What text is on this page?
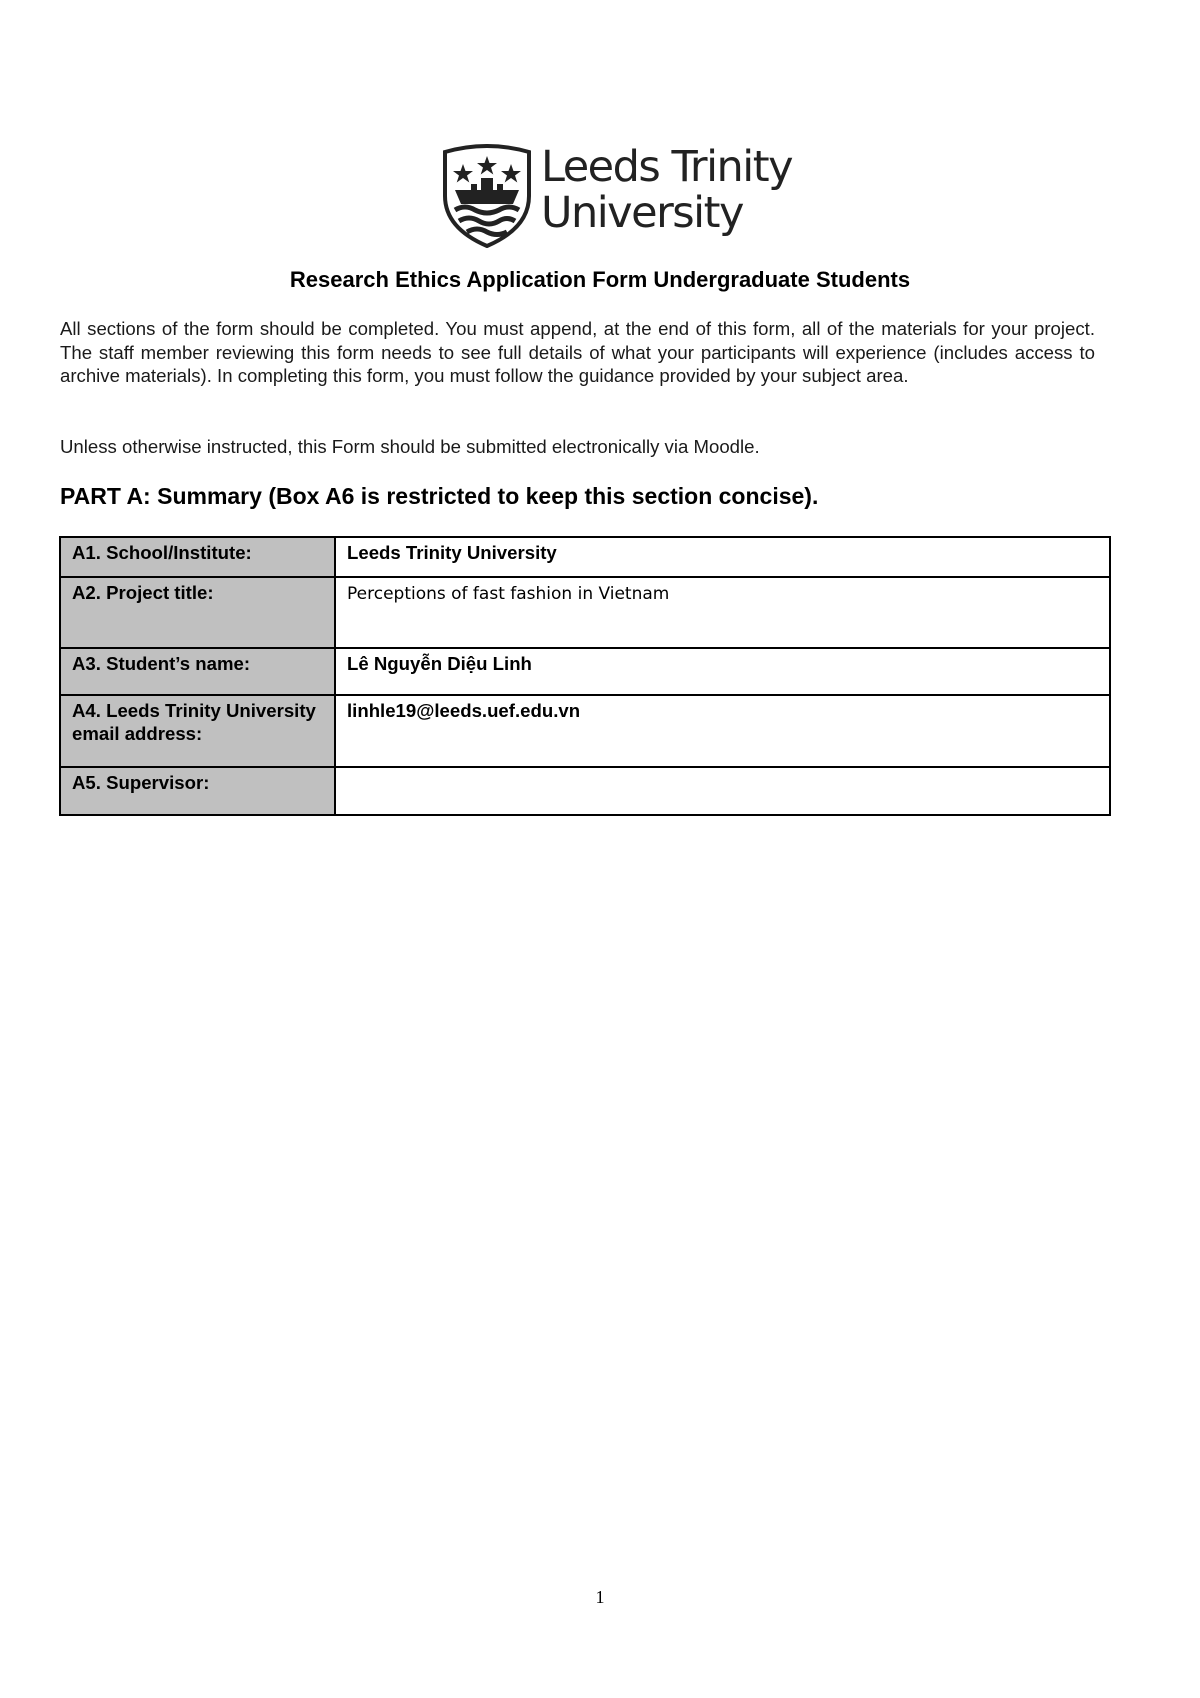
Leeds Trinity
University
Research Ethics Application Form Undergraduate Students
All sections of the form should be completed. You must append, at the end of this form, all of the materials for your project. The staff member reviewing this form needs to see full details of what your participants will experience (includes access to archive materials). In completing this form, you must follow the guidance provided by your subject area.
Unless otherwise instructed, this Form should be submitted electronically via Moodle.
PART A: Summary (Box A6 is restricted to keep this section concise).
A1. School/Institute:	Leeds Trinity University
A2. Project title:	Perceptions of fast fashion in Vietnam
A3. Student’s name:	Lê Nguyễn Diệu Linh
A4. Leeds Trinity University email address:	linhle19@leeds.uef.edu.vn
A5. Supervisor:	
1
